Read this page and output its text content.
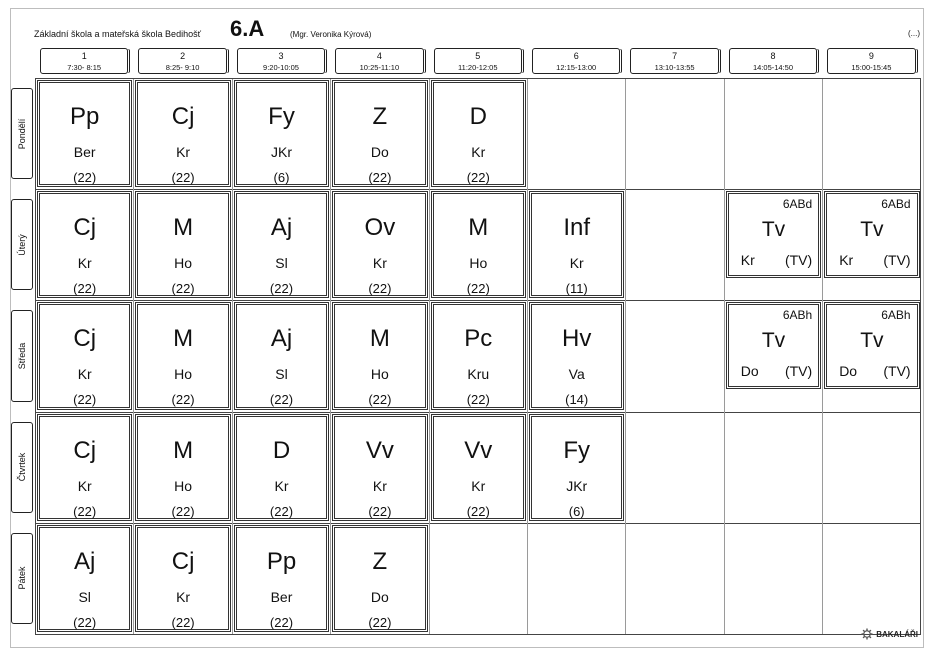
Základní škola a mateřská škola Bedihošť 6.A	(Mgr. Veronika Kýrová)	(...)
1
7:30- 8:15
2
8:25- 9:10
3
9:20-10:05
4
10:25-11:10
5
11:20-12:05
6
12:15-13:00
7
13:10-13:55
8
14:05-14:50
9
15:00-15:45
Pondělí
Úterý
Středa
Čtvrtek
Pátek
Pp
Ber
(22)
Cj
Kr
(22)
Fy
JKr
(6)
Z
Do
(22)
D
Kr
(22)
Cj
Kr
(22)
M
Ho
(22)
Aj
Sl
(22)
Ov
Kr
(22)
M
Ho
(22)
Inf
Kr
(11)
6ABd
Tv
Kr (TV)
6ABd
Tv
Kr (TV)
Cj
Kr
(22)
M
Ho
(22)
Aj
Sl
(22)
M
Ho
(22)
Pc
Kru
(22)
Hv
Va
(14)
6ABh
Tv
Do (TV)
6ABh
Tv
Do (TV)
Cj
Kr
(22)
M
Ho
(22)
D
Kr
(22)
Vv
Kr
(22)
Vv
Kr
(22)
Fy
JKr
(6)
Aj
Sl
(22)
Cj
Kr
(22)
Pp
Ber
(22)
Z
Do
(22)
BAKALÁŘI
